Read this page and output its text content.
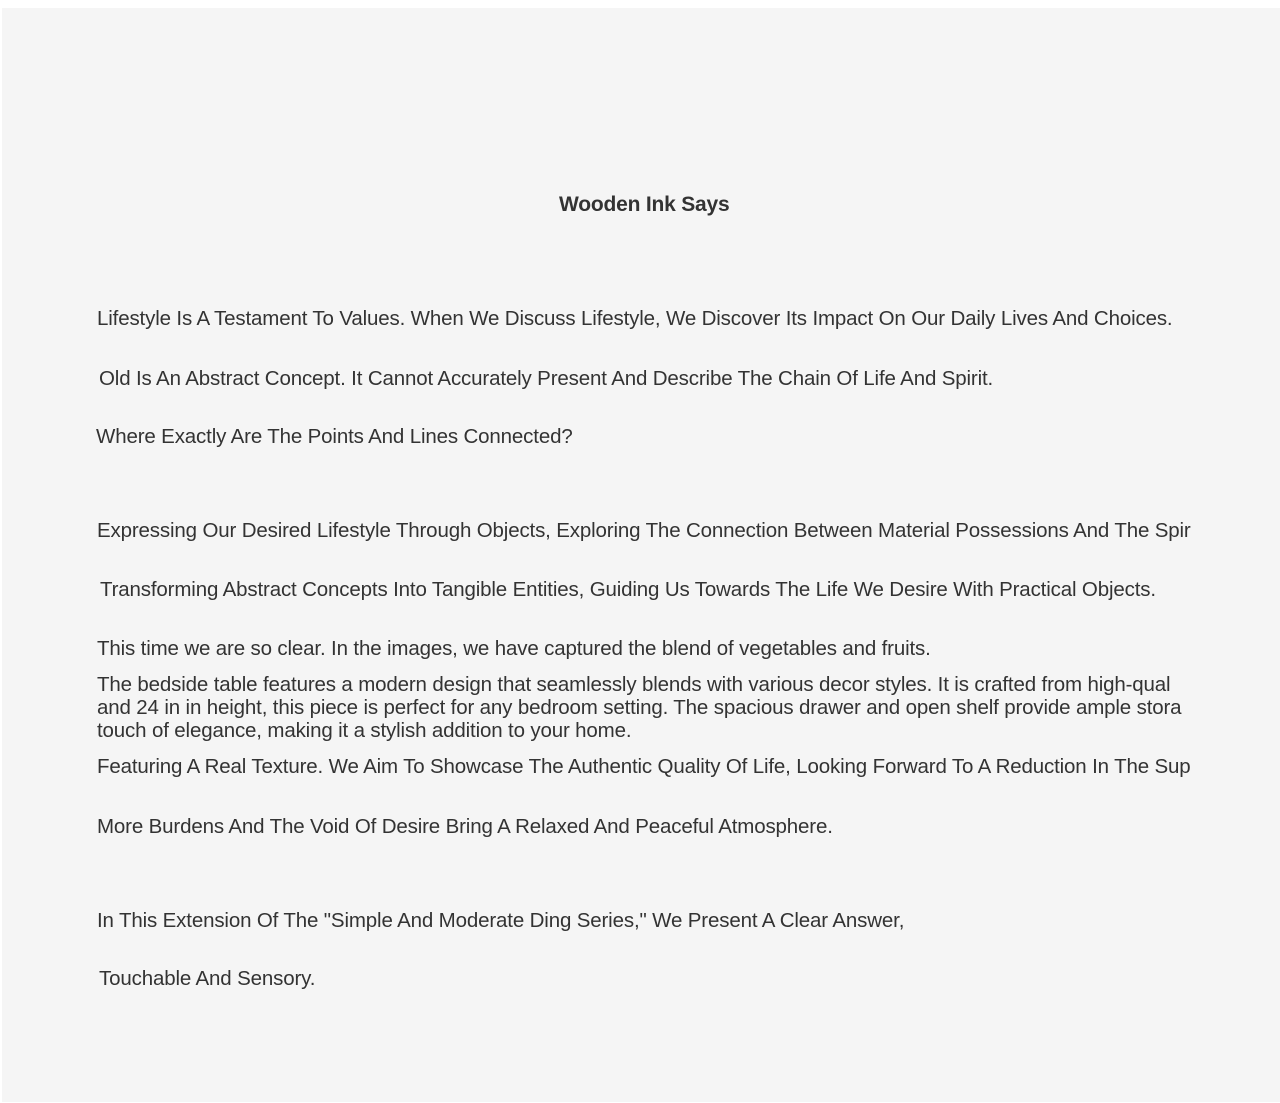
Wooden Ink Says
Lifestyle Is A Testament To Values. When We Discuss Lifestyle, We Discover Its Impact On Our Daily Lives And Choices.
Old Is An Abstract Concept. It Cannot Accurately Present And Describe The Chain Of Life And Spirit.
Where Exactly Are The Points And Lines Connected?
Expressing Our Desired Lifestyle Through Objects, Exploring The Connection Between Material Possessions And The Spir
Transforming Abstract Concepts Into Tangible Entities, Guiding Us Towards The Life We Desire With Practical Objects.
This time we are so clear. In the images, we have captured the blend of vegetables and fruits.

The bedside table features a modern design that seamlessly blends with various decor styles. It is crafted from high-qual
and 24 in in height, this piece is perfect for any bedroom setting. The spacious drawer and open shelf provide ample stora
touch of elegance, making it a stylish addition to your home.

Featuring A Real Texture. We Aim To Showcase The Authentic Quality Of Life, Looking Forward To A Reduction In The Sup
More Burdens And The Void Of Desire Bring A Relaxed And Peaceful Atmosphere.
In This Extension Of The "Simple And Moderate Ding Series," We Present A Clear Answer,
Touchable And Sensory.
